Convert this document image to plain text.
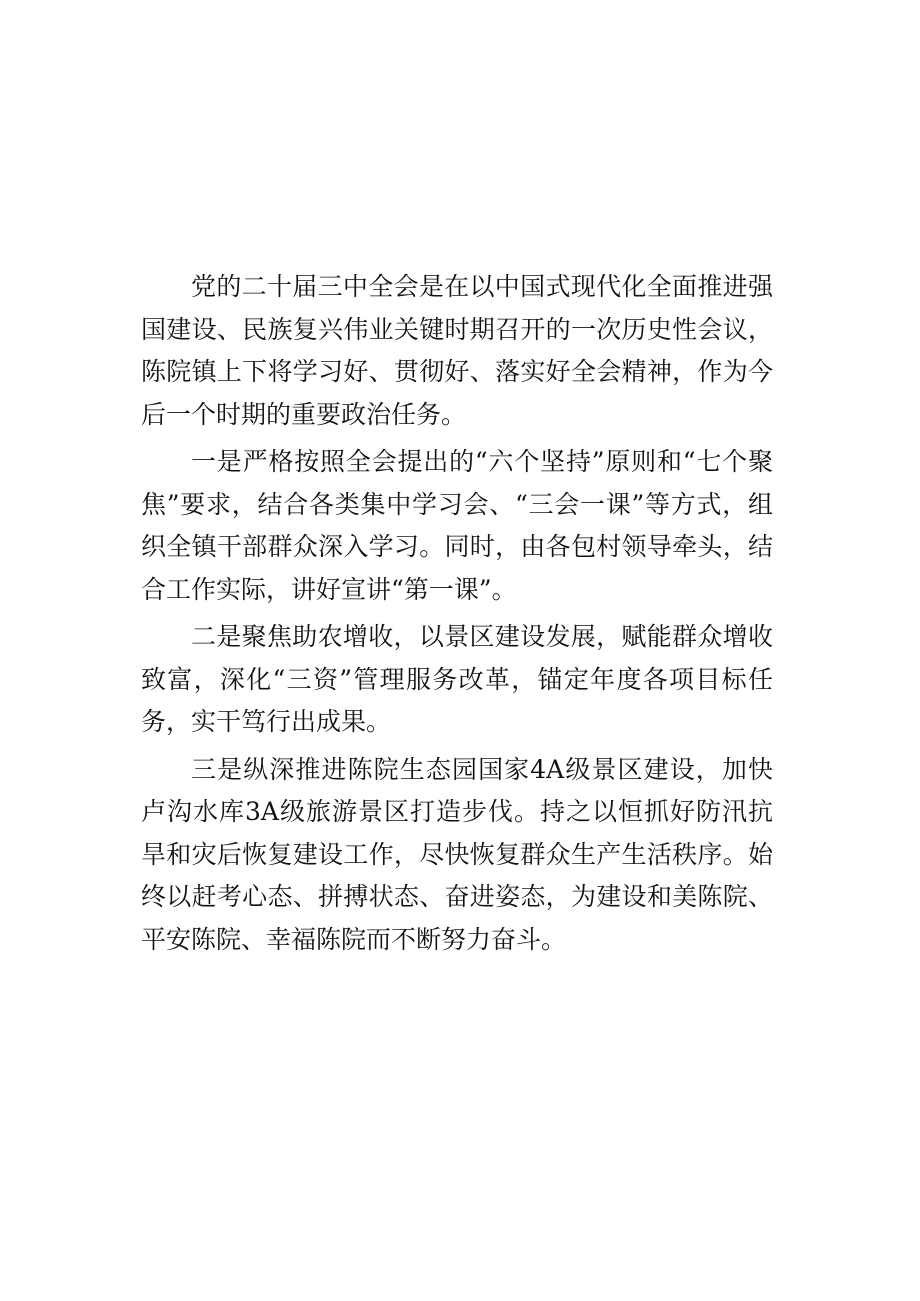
党的二十届三中全会是在以中国式现代化全面推进强国建设、民族复兴伟业关键时期召开的一次历史性会议，陈院镇上下将学习好、贯彻好、落实好全会精神，作为今后一个时期的重要政治任务。

一是严格按照全会提出的“六个坚持”原则和“七个聚焦”要求，结合各类集中学习会、“三会一课”等方式，组织全镇干部群众深入学习。同时，由各包村领导牵头，结合工作实际，讲好宣讲“第一课”。

二是聚焦助农增收，以景区建设发展，赋能群众增收致富，深化“三资”管理服务改革，锚定年度各项目标任务，实干笃行出成果。

三是纵深推进陈院生态园国家4A级景区建设，加快卢沟水库3A级旅游景区打造步伐。持之以恒抓好防汛抗旱和灾后恢复建设工作，尽快恢复群众生产生活秩序。始终以赶考心态、拼搏状态、奋进姿态，为建设和美陈院、平安陈院、幸福陈院而不断努力奋斗。
